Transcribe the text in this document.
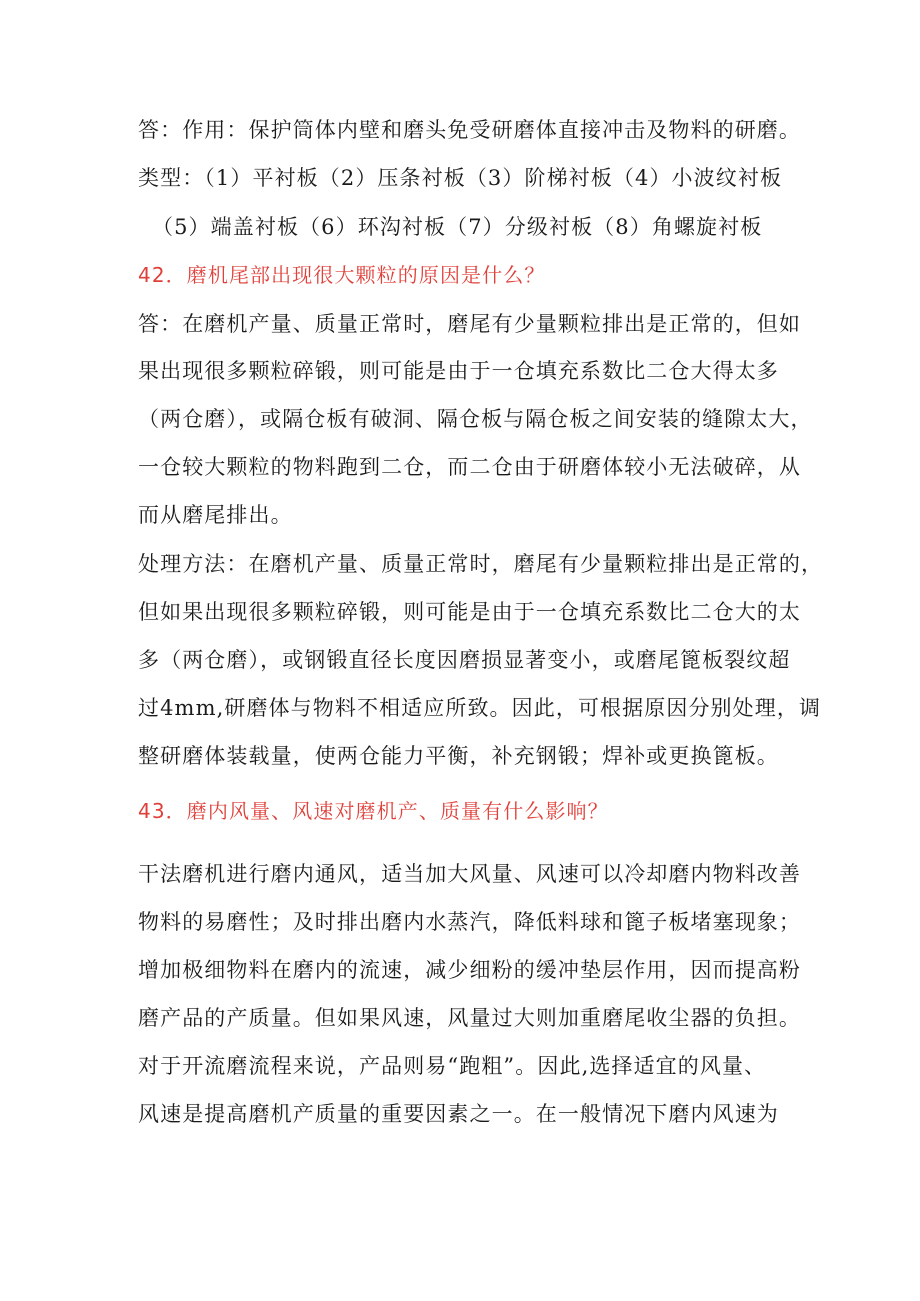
答：作用：保护筒体内壁和磨头免受研磨体直接冲击及物料的研磨。
类型：（1）平衬板（2）压条衬板（3）阶梯衬板（4）小波纹衬板
（5）端盖衬板（6）环沟衬板（7）分级衬板（8）角螺旋衬板
42．磨机尾部出现很大颗粒的原因是什么？
答：在磨机产量、质量正常时，磨尾有少量颗粒排出是正常的，但如
果出现很多颗粒碎锻，则可能是由于一仓填充系数比二仓大得太多
（两仓磨），或隔仓板有破洞、隔仓板与隔仓板之间安装的缝隙太大，
一仓较大颗粒的物料跑到二仓，而二仓由于研磨体较小无法破碎，从
而从磨尾排出。
处理方法：在磨机产量、质量正常时，磨尾有少量颗粒排出是正常的，
但如果出现很多颗粒碎锻，则可能是由于一仓填充系数比二仓大的太
多（两仓磨），或钢锻直径长度因磨损显著变小，或磨尾篦板裂纹超
过4mm,研磨体与物料不相适应所致。因此，可根据原因分别处理，调
整研磨体装载量，使两仓能力平衡，补充钢锻；焊补或更换篦板。
43．磨内风量、风速对磨机产、质量有什么影响？
干法磨机进行磨内通风，适当加大风量、风速可以冷却磨内物料改善
物料的易磨性；及时排出磨内水蒸汽，降低料球和篦子板堵塞现象；
增加极细物料在磨内的流速，减少细粉的缓冲垫层作用，因而提高粉
磨产品的产质量。但如果风速，风量过大则加重磨尾收尘器的负担。
对于开流磨流程来说，产品则易“跑粗”。因此,选择适宜的风量、
风速是提高磨机产质量的重要因素之一。在一般情况下磨内风速为
